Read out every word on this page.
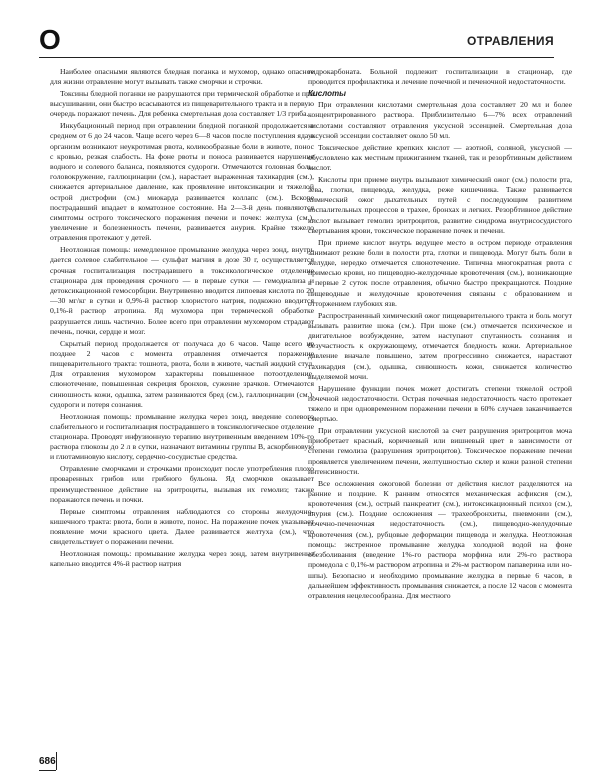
О	ОТРАВЛЕНИЯ

Наиболее опасными являются бледная поганка и мухомор, однако опасное для жизни отравление могут вызывать также сморчки и строчки.

Токсины бледной поганки не разрушаются при термической обработке и при высушивании, они быстро всасываются из пищеварительного тракта и в первую очередь поражают печень. Для ребенка смертельная доза составляет 1/3 гриба.

Инкубационный период при отравлении бледной поганкой продолжается в среднем от 6 до 24 часов. Чаще всего через 6—8 часов после поступления яда в организм возникают неукротимая рвота, коликообразные боли в животе, понос с кровью, резкая слабость. На фоне рвоты и поноса развивается нарушения водного и солевого баланса, появляются судороги. Отмечаются головная боль, головокружение, галлюцинации (см.), нарастает выраженная тахикардия (см.), снижается артериальное давление, как проявление интоксикации и тяжелой острой дистрофии (см.) миокарда развивается коллапс (см.). Вскоре пострадавший впадает в коматозное состояние. На 2—3-й день появляются симптомы острого токсического поражения печени и почек: желтуха (см.), увеличение и болезненность печени, развивается анурия. Крайне тяжело отравления протекают у детей.

Неотложная помощь: немедленное промывание желудка через зонд, внутрь дается солевое слабительное — сульфат магния в дозе 30 г, осуществляется срочная госпитализация пострадавшего в токсикологическое отделение стационара для проведения срочного — в первые сутки — гемодиализа и детоксикационной гемосорбции. Внутривенно вводится липоевая кислота по 20—30 мг/кг в сутки и 0,9%-й раствор хлористого натрия, подкожно вводится 0,1%-й раствор атропина. Яд мухомора при термической обработке разрушается лишь частично. Более всего при отравлении мухомором страдают печень, почки, сердце и мозг.

Скрытый период продолжается от получаса до 6 часов. Чаще всего не позднее 2 часов с момента отравления отмечается поражение пищеварительного тракта: тошнота, рвота, боли в животе, частый жидкий стул. Для отравления мухомором характерны повышенное потоотделение, слюнотечение, повышенная секреция бронхов, сужение зрачков. Отмечаются синюшность кожи, одышка, затем развиваются бред (см.), галлюцинации (см.), судороги и потеря сознания.

Неотложная помощь: промывание желудка через зонд, введение солевого слабительного и госпитализация пострадавшего в токсикологическое отделение стационара. Проводят инфузионную терапию внутривенным введением 10%-го раствора глюкозы до 2 л в сутки, назначают витамины группы В, аскорбиновую и глютаминовую кислоту, сердечно-сосудистые средства.

Отравление сморчками и строчками происходит после употребления плохо проваренных грибов или грибного бульона. Яд сморчков оказывает преимущественное действие на эритроциты, вызывая их гемолиз; также поражаются печень и почки.

Первые симптомы отравления наблюдаются со стороны желудочно-кишечного тракта: рвота, боли в животе, понос. На поражение почек указывает появление мочи красного цвета. Далее развивается желтуха (см.), что свидетельствует о поражении печени.

Неотложная помощь: промывание желудка через зонд, затем внутривенно капельно вводится 4%-й раствор натрия

гидрокарбоната. Больной подлежит госпитализации в стационар, где проводится профилактика и лечение почечной и печеночной недостаточности.

Кислоты

При отравлении кислотами смертельная доза составляет 20 мл и более концентрированного раствора. Приблизительно 6—7% всех отравлений кислотами составляют отравления уксусной эссенцией. Смертельная доза уксусной эссенции составляет около 50 мл.

Токсическое действие крепких кислот — азотной, соляной, уксусной — обусловлено как местным прижиганием тканей, так и резорбтивным действием кислот.

Кислоты при приеме внутрь вызывают химический ожог (см.) полости рта, зева, глотки, пищевода, желудка, реже кишечника. Также развивается химический ожог дыхательных путей с последующим развитием воспалительных процессов в трахее, бронхах и легких. Резорбтивное действие кислот вызывает гемолиз эритроцитов, развитие синдрома внутрисосудистого свертывания крови, токсическое поражение почек и печени.

При приеме кислот внутрь ведущее место в остром периоде отравления занимают резкие боли в полости рта, глотки и пищевода. Могут быть боли в желудке, нередко отмечается слюнотечение. Типична многократная рвота с примесью крови, но пищеводно-желудочные кровотечения (см.), возникающие в первые 2 суток после отравления, обычно быстро прекращаются. Поздние пищеводные и желудочные кровотечения связаны с образованием и отторжением глубоких язв.

Распространенный химический ожог пищеварительного тракта и боль могут вызывать развитие шока (см.). При шоке (см.) отмечается психическое и двигательное возбуждение, затем наступают спутанность сознания и безучастность к окружающему, отмечается бледность кожи. Артериальное давление вначале повышено, затем прогрессивно снижается, нарастают тахикардия (см.), одышка, синюшность кожи, снижается количество выделяемой мочи.

Нарушение функции почек может достигать степени тяжелой острой почечной недостаточности. Острая почечная недостаточность часто протекает тяжело и при одновременном поражении печени в 60% случаев заканчивается смертью.

При отравлении уксусной кислотой за счет разрушения эритроцитов моча приобретает красный, коричневый или вишневый цвет в зависимости от степени гемолиза (разрушения эритроцитов). Токсическое поражение печени проявляется увеличением печени, желтушностью склер и кожи разной степени интенсивности.

Все осложнения ожоговой болезни от действия кислот разделяются на ранние и поздние. К ранним относятся механическая асфиксия (см.), кровотечения (см.), острый панкреатит (см.), интоксикационный психоз (см.), анурия (см.). Поздние осложнения — трахеобронхиты, пневмонии (см.), почечно-печеночная недостаточность (см.), пищеводно-желудочные кровотечения (см.), рубцовые деформации пищевода и желудка. Неотложная помощь: экстренное промывание желудка холодной водой на фоне обезболивания (введение 1%-го раствора морфина или 2%-го раствора промедола с 0,1%-м раствором атропина и 2%-м раствором папаверина или но-шпы). Безопасно и необходимо промывание желудка в первые 6 часов, в дальнейшем эффективность промывания снижается, а после 12 часов с момента отравления нецелесообразна. Для местного

686
